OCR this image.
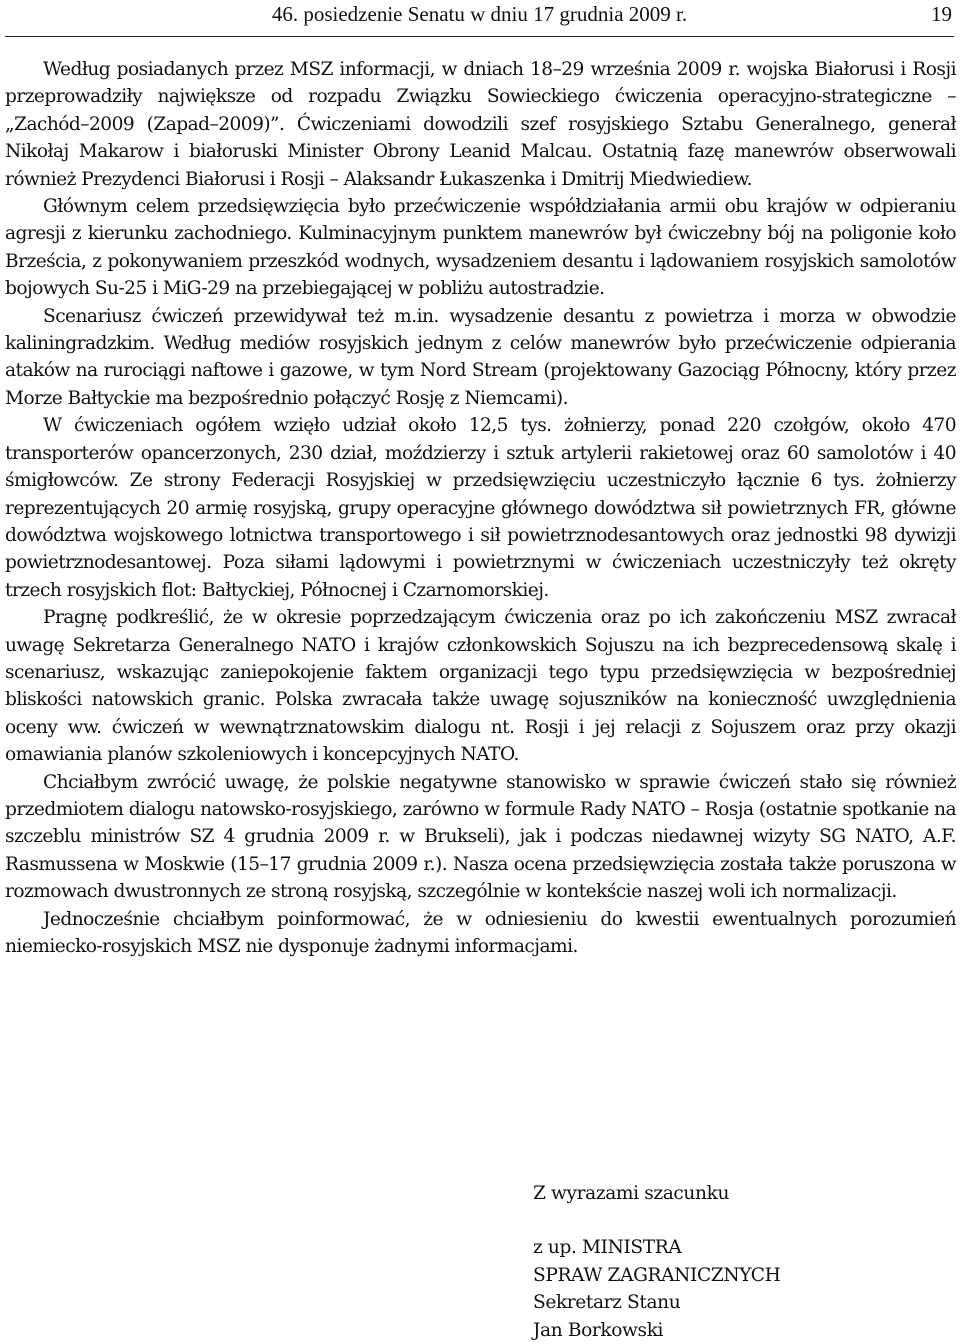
46. posiedzenie Senatu w dniu 17 grudnia 2009 r.	19

Według posiadanych przez MSZ informacji, w dniach 18–29 września 2009 r. wojska Białorusi i Rosji przeprowadziły największe od rozpadu Związku Sowieckiego ćwiczenia operacyjno-strategiczne – „Zachód–2009 (Zapad–2009)”. Ćwiczeniami dowodzili szef rosyjskiego Sztabu Generalnego, generał Nikołaj Makarow i białoruski Minister Obrony Leanid Malcau. Ostatnią fazę manewrów obserwowali również Prezydenci Białorusi i Rosji – Alaksandr Łukaszenka i Dmitrij Miedwiediew.

Głównym celem przedsięwzięcia było przećwiczenie współdziałania armii obu krajów w odpieraniu agresji z kierunku zachodniego. Kulminacyjnym punktem manewrów był ćwiczebny bój na poligonie koło Brześcia, z pokonywaniem przeszkód wodnych, wysadzeniem desantu i lądowaniem rosyjskich samolotów bojowych Su-25 i MiG-29 na przebiegającej w pobliżu autostradzie.

Scenariusz ćwiczeń przewidywał też m.in. wysadzenie desantu z powietrza i morza w obwodzie kaliningradzkim. Według mediów rosyjskich jednym z celów manewrów było przećwiczenie odpierania ataków na rurociągi naftowe i gazowe, w tym Nord Stream (projektowany Gazociąg Północny, który przez Morze Bałtyckie ma bezpośrednio połączyć Rosję z Niemcami).

W ćwiczeniach ogółem wzięło udział około 12,5 tys. żołnierzy, ponad 220 czołgów, około 470 transporterów opancerzonych, 230 dział, moździerzy i sztuk artylerii rakietowej oraz 60 samolotów i 40 śmigłowców. Ze strony Federacji Rosyjskiej w przedsięwzięciu uczestniczyło łącznie 6 tys. żołnierzy reprezentujących 20 armię rosyjską, grupy operacyjne głównego dowództwa sił powietrznych FR, główne dowództwa wojskowego lotnictwa transportowego i sił powietrznodesantowych oraz jednostki 98 dywizji powietrznodesantowej. Poza siłami lądowymi i powietrznymi w ćwiczeniach uczestniczyły też okręty trzech rosyjskich flot: Bałtyckiej, Północnej i Czarnomorskiej.

Pragnę podkreślić, że w okresie poprzedzającym ćwiczenia oraz po ich zakończeniu MSZ zwracał uwagę Sekretarza Generalnego NATO i krajów członkowskich Sojuszu na ich bezprecedensową skalę i scenariusz, wskazując zaniepokojenie faktem organizacji tego typu przedsięwzięcia w bezpośredniej bliskości natowskich granic. Polska zwracała także uwagę sojuszników na konieczność uwzględnienia oceny ww. ćwiczeń w wewnątrznatowskim dialogu nt. Rosji i jej relacji z Sojuszem oraz przy okazji omawiania planów szkoleniowych i koncepcyjnych NATO.

Chciałbym zwrócić uwagę, że polskie negatywne stanowisko w sprawie ćwiczeń stało się również przedmiotem dialogu natowsko-rosyjskiego, zarówno w formule Rady NATO – Rosja (ostatnie spotkanie na szczeblu ministrów SZ 4 grudnia 2009 r. w Brukseli), jak i podczas niedawnej wizyty SG NATO, A.F. Rasmussena w Moskwie (15–17 grudnia 2009 r.). Nasza ocena przedsięwzięcia została także poruszona w rozmowach dwustronnych ze stroną rosyjską, szczególnie w kontekście naszej woli ich normalizacji.

Jednocześnie chciałbym poinformować, że w odniesieniu do kwestii ewentualnych porozumień niemiecko-rosyjskich MSZ nie dysponuje żadnymi informacjami.

Z wyrazami szacunku
z up. MINISTRA
SPRAW ZAGRANICZNYCH
Sekretarz Stanu
Jan Borkowski
